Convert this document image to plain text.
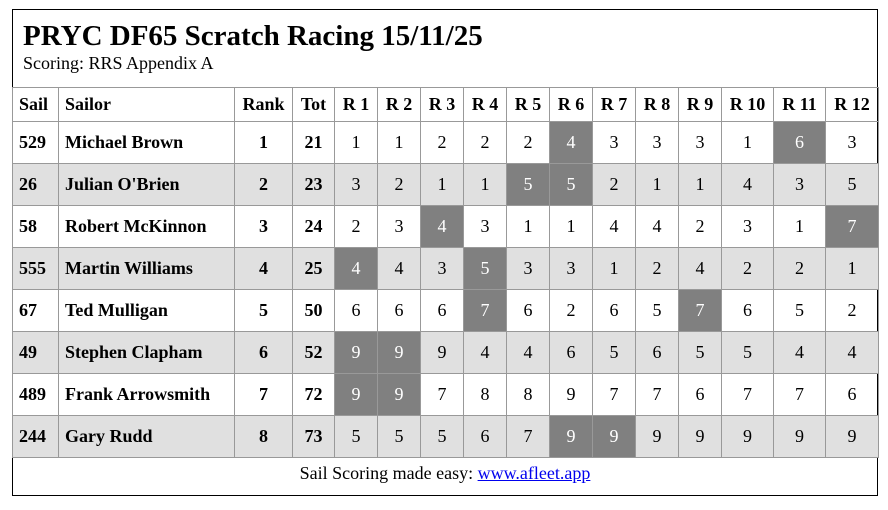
PRYC DF65 Scratch Racing 15/11/25
Scoring: RRS Appendix A
Sail	Sailor	Rank	Tot	R 1	R 2	R 3	R 4	R 5	R 6	R 7	R 8	R 9	R 10	R 11	R 12
529	Michael Brown	1	21	1	1	2	2	2	4	3	3	3	1	6	3
26	Julian O'Brien	2	23	3	2	1	1	5	5	2	1	1	4	3	5
58	Robert McKinnon	3	24	2	3	4	3	1	1	4	4	2	3	1	7
555	Martin Williams	4	25	4	4	3	5	3	3	1	2	4	2	2	1
67	Ted Mulligan	5	50	6	6	6	7	6	2	6	5	7	6	5	2
49	Stephen Clapham	6	52	9	9	9	4	4	6	5	6	5	5	4	4
489	Frank Arrowsmith	7	72	9	9	7	8	8	9	7	7	6	7	7	6
244	Gary Rudd	8	73	5	5	5	6	7	9	9	9	9	9	9	9
Sail Scoring made easy: www.afleet.app
